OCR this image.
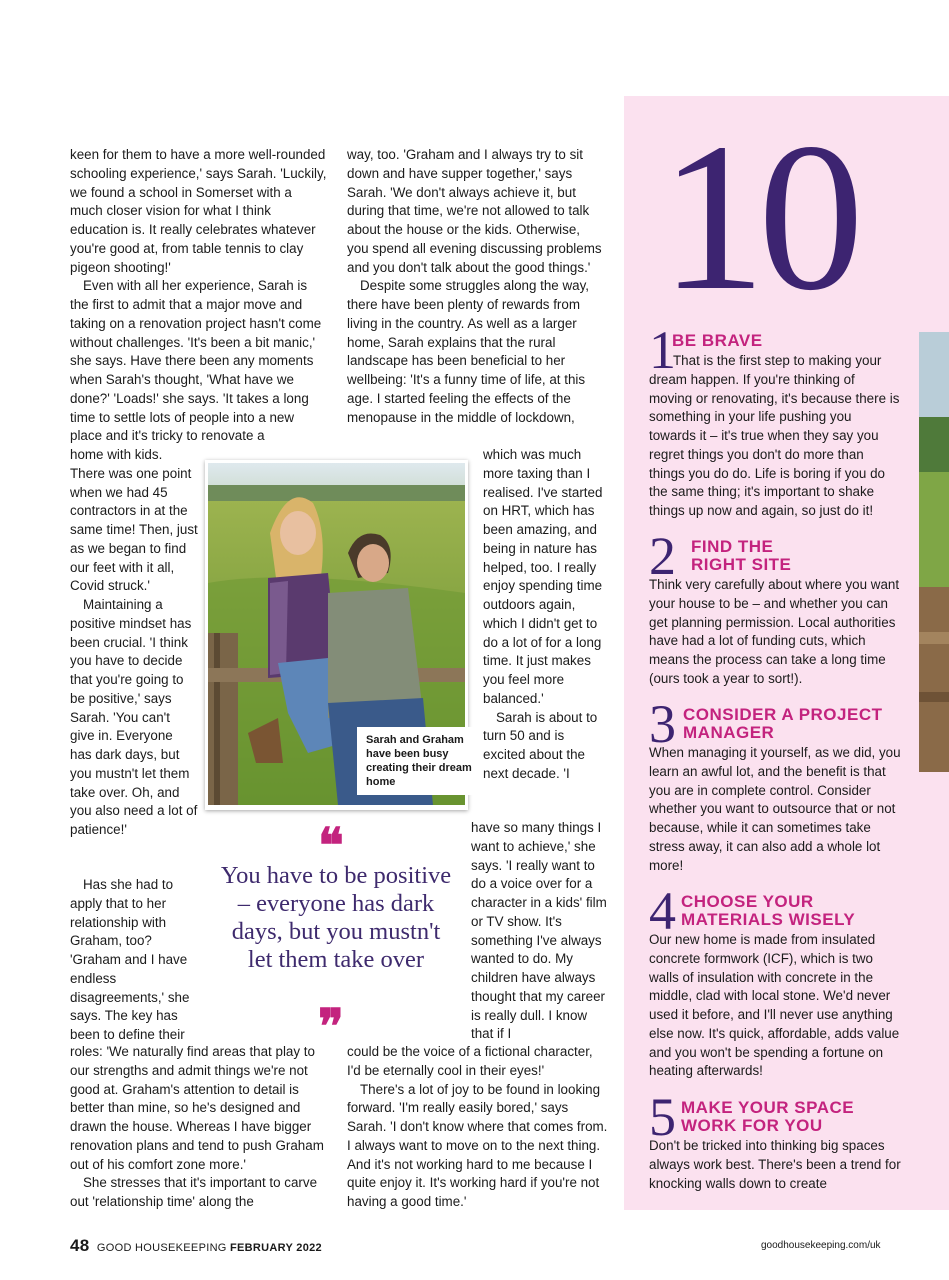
keen for them to have a more well-rounded schooling experience,' says Sarah. 'Luckily, we found a school in Somerset with a much closer vision for what I think education is. It really celebrates whatever you're good at, from table tennis to clay pigeon shooting!'

Even with all her experience, Sarah is the first to admit that a major move and taking on a renovation project hasn't come without challenges. 'It's been a bit manic,' she says. Have there been any moments when Sarah's thought, 'What have we done?' 'Loads!' she says. 'It takes a long time to settle lots of people into a new place and it's tricky to renovate a

way, too. 'Graham and I always try to sit down and have supper together,' says Sarah. 'We don't always achieve it, but during that time, we're not allowed to talk about the house or the kids. Otherwise, you spend all evening discussing problems and you don't talk about the good things.'

Despite some struggles along the way, there have been plenty of rewards from living in the country. As well as a larger home, Sarah explains that the rural landscape has been beneficial to her wellbeing: 'It's a funny time of life, at this age. I started feeling the effects of the menopause in the middle of lockdown,

home with kids. There was one point when we had 45 contractors in at the same time! Then, just as we began to find our feet with it all, Covid struck.'

Maintaining a positive mindset has been crucial. 'I think you have to decide that you're going to be positive,' says Sarah. 'You can't give in. Everyone has dark days, but you mustn't let them take over. Oh, and you also need a lot of patience!'

Has she had to apply that to her relationship with Graham, too? 'Graham and I have endless disagreements,' she says. The key has been to define their

which was much more taxing than I realised. I've started on HRT, which has been amazing, and being in nature has helped, too. I really enjoy spending time outdoors again, which I didn't get to do a lot of for a long time. It just makes you feel more balanced.'

Sarah is about to turn 50 and is excited about the next decade. 'I

have so many things I want to achieve,' she says. 'I really want to do a voice over for a character in a kids' film or TV show. It's something I've always wanted to do. My children have always thought that my career is really dull. I know that if I

roles: 'We naturally find areas that play to our strengths and admit things we're not good at. Graham's attention to detail is better than mine, so he's designed and drawn the house. Whereas I have bigger renovation plans and tend to push Graham out of his comfort zone more.'

She stresses that it's important to carve out 'relationship time' along the

could be the voice of a fictional character, I'd be eternally cool in their eyes!'

There's a lot of joy to be found in looking forward. 'I'm really easily bored,' says Sarah. 'I don't know where that comes from. I always want to move on to the next thing. And it's not working hard to me because I quite enjoy it. It's working hard if you're not having a good time.'

Sarah and Graham have been busy creating their dream home
❝
You have to be positive – everyone has dark days, but you mustn't let them take over
❞
10
1
BE BRAVE
That is the first step to making your dream happen. If you're thinking of moving or renovating, it's because there is something in your life pushing you towards it – it's true when they say you regret things you don't do more than things you do do. Life is boring if you do the same thing; it's important to shake things up now and again, so just do it!
2 FIND THE RIGHT SITE
Think very carefully about where you want your house to be – and whether you can get planning permission. Local authorities have had a lot of funding cuts, which means the process can take a long time (ours took a year to sort!).
3 CONSIDER A PROJECT MANAGER
When managing it yourself, as we did, you learn an awful lot, and the benefit is that you are in complete control. Consider whether you want to outsource that or not because, while it can sometimes take stress away, it can also add a whole lot more!
4 CHOOSE YOUR MATERIALS WISELY
Our new home is made from insulated concrete formwork (ICF), which is two walls of insulation with concrete in the middle, clad with local stone. We'd never used it before, and I'll never use anything else now. It's quick, affordable, adds value and you won't be spending a fortune on heating afterwards!
5 MAKE YOUR SPACE WORK FOR YOU
Don't be tricked into thinking big spaces always work best. There's been a trend for knocking walls down to create
48 GOOD HOUSEKEEPING FEBRUARY 2022	goodhousekeeping.com/uk
